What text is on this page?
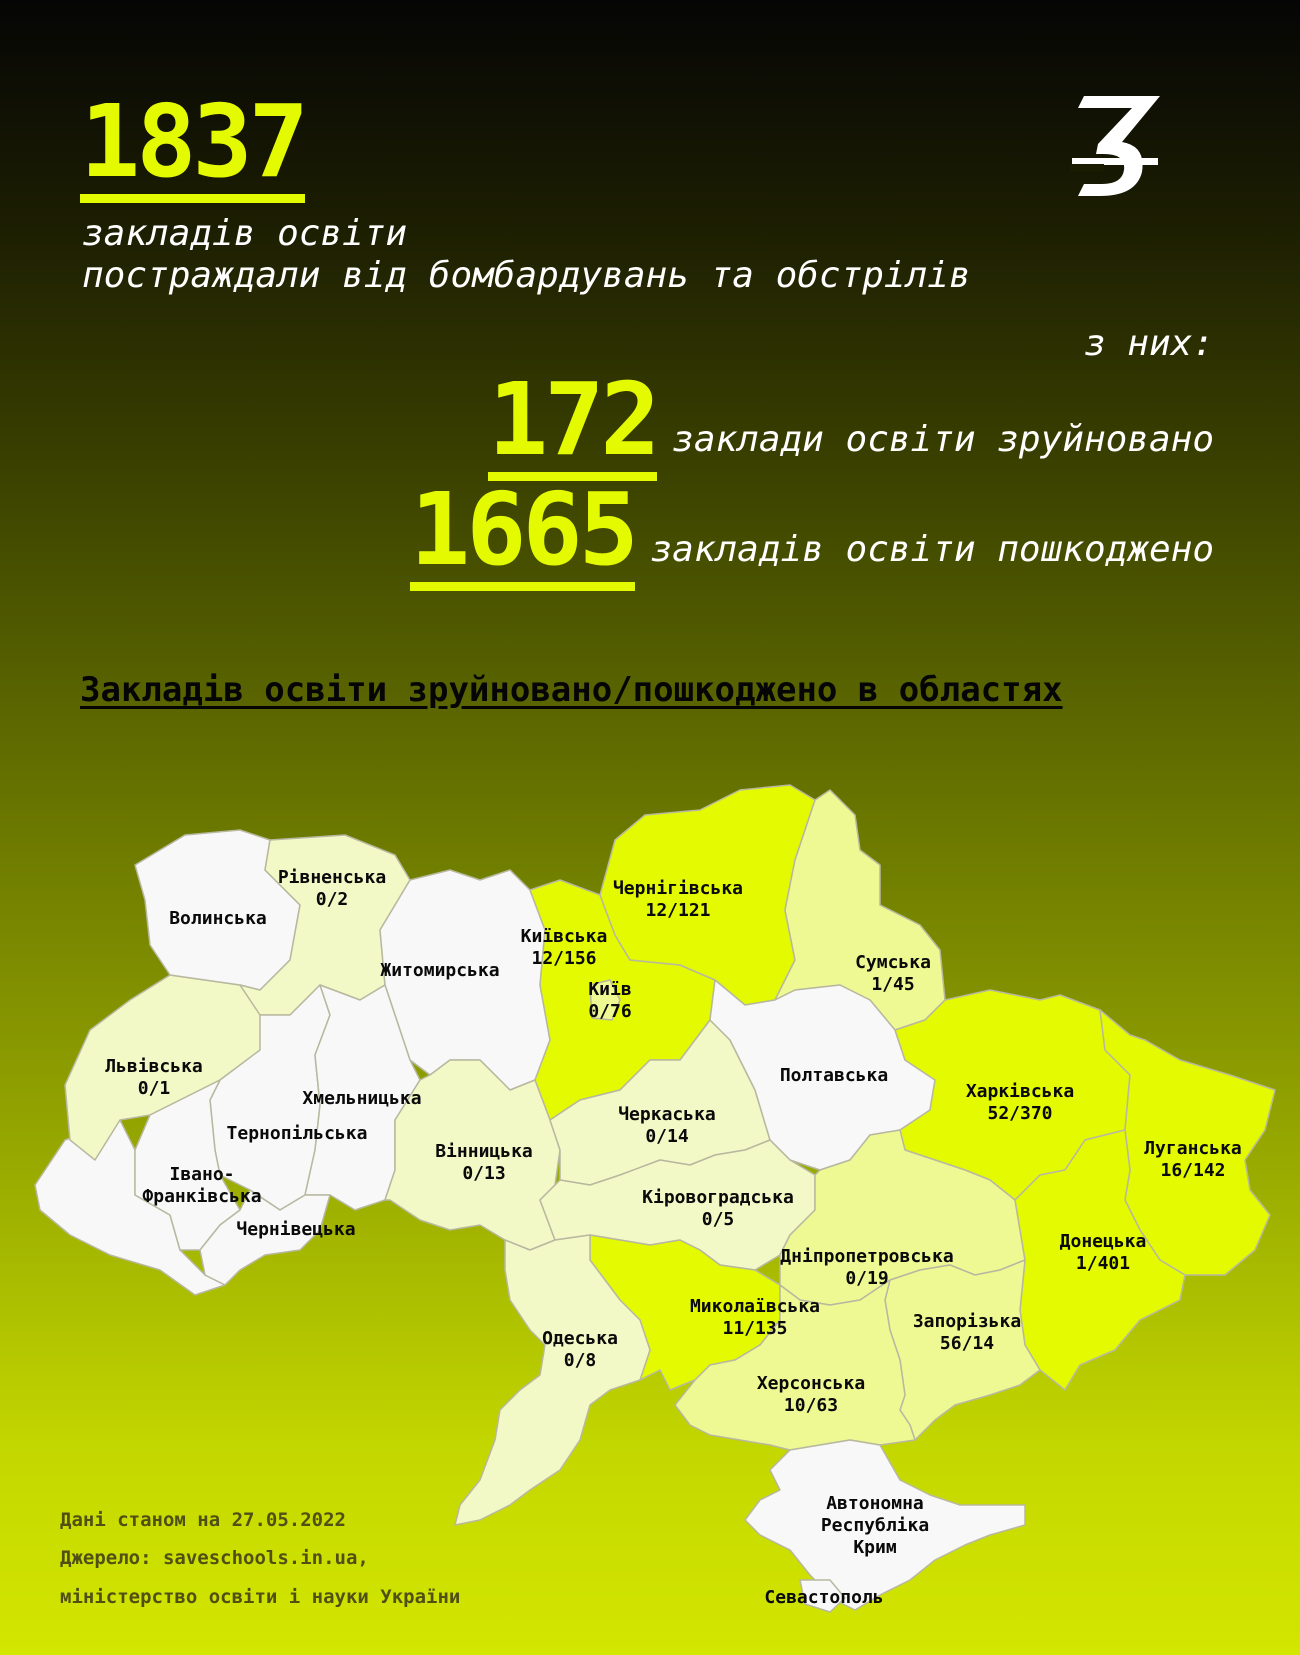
1837
закладів освіти
постраждали від бомбардувань та обстрілів
з них:
172 заклади освіти зруйновано
1665 закладів освіти пошкоджено
Закладів освіти зруйновано/пошкоджено в областях
Волинська
Рівненська
0/2
Житомирська
Київська
12/156
Київ
0/76
Чернігівська
12/121
Сумська
1/45
Львівська
0/1	Хмельницька
Тернопільська
Івано-
Франківська
Чернівецька
Вінницька
0/13
Черкаська
0/14
Полтавська
Харківська
52/370
Луганська
16/142
Кіровоградська
0/5
Дніпропетровська
0/19
Донецька
1/401
Миколаївська
11/135
Одеська
0/8
Запорізька
56/14
Херсонська
10/63
Автономна
Республіка
Крим
Севастополь
Дані станом на 27.05.2022
Джерело: saveschools.in.ua,
міністерство освіти і науки України
